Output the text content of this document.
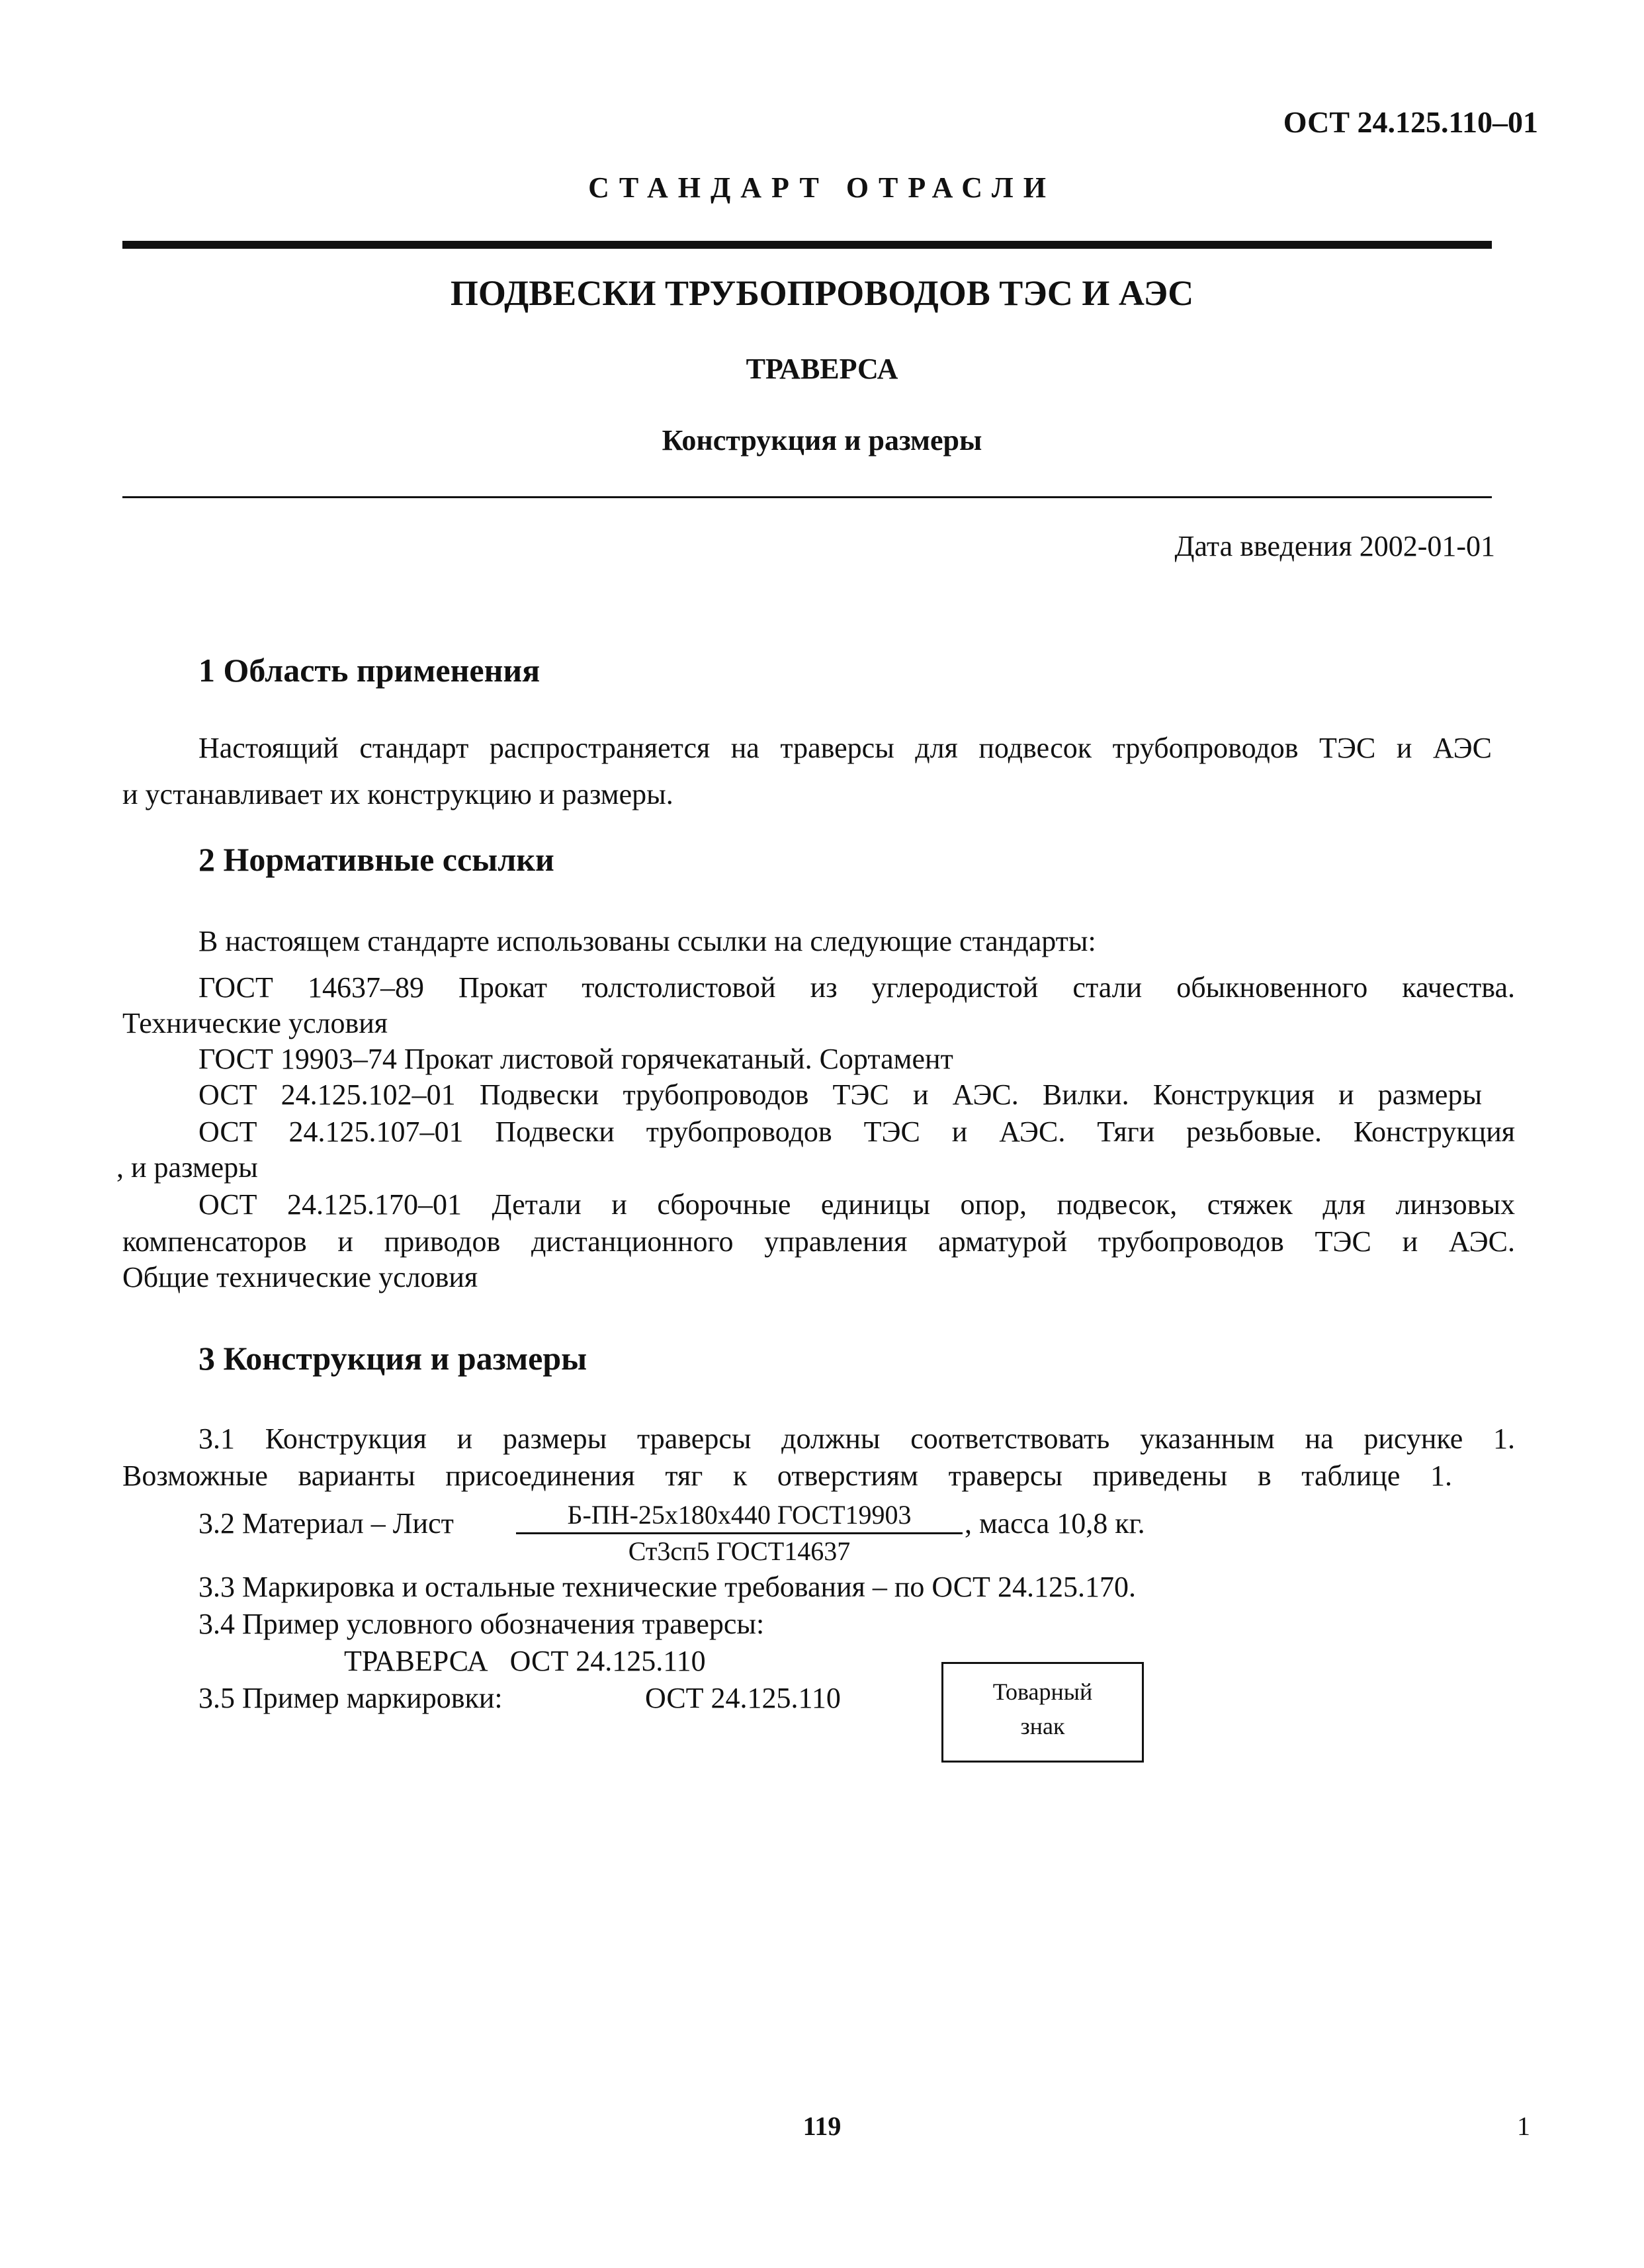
ОСТ 24.125.110–01
СТАНДАРТ ОТРАСЛИ
ПОДВЕСКИ ТРУБОПРОВОДОВ ТЭС И АЭС
ТРАВЕРСА
Конструкция и размеры
Дата введения 2002-01-01
1 Область применения
Настоящий стандарт распространяется на траверсы для подвесок трубопроводов ТЭС и АЭС
и устанавливает их конструкцию и размеры.
2 Нормативные ссылки
В настоящем стандарте использованы ссылки на следующие стандарты:
ГОСТ 14637–89 Прокат толстолистовой из углеродистой стали обыкновенного качества.
Технические условия
ГОСТ 19903–74 Прокат листовой горячекатаный. Сортамент
ОСТ 24.125.102–01 Подвески трубопроводов ТЭС и АЭС. Вилки. Конструкция и размеры
ОСТ 24.125.107–01 Подвески трубопроводов ТЭС и АЭС. Тяги резьбовые. Конструкция
, и размеры
ОСТ 24.125.170–01 Детали и сборочные единицы опор, подвесок, стяжек для линзовых
компенсаторов и приводов дистанционного управления арматурой трубопроводов ТЭС и АЭС.
Общие технические условия
3 Конструкция и размеры
3.1 Конструкция и размеры траверсы должны соответствовать указанным на рисунке 1.
Возможные варианты присоединения тяг к отверстиям траверсы приведены в таблице 1.
3.2 Материал – Лист	Б-ПН-25х180х440 ГОСТ19903
Ст3сп5 ГОСТ14637
, масса 10,8 кг.
3.3 Маркировка и остальные технические требования – по ОСТ 24.125.170.
3.4 Пример условного обозначения траверсы:
ТРАВЕРСА   ОСТ 24.125.110
3.5 Пример маркировки:	ОСТ 24.125.110	Товарный
знак
119	1
